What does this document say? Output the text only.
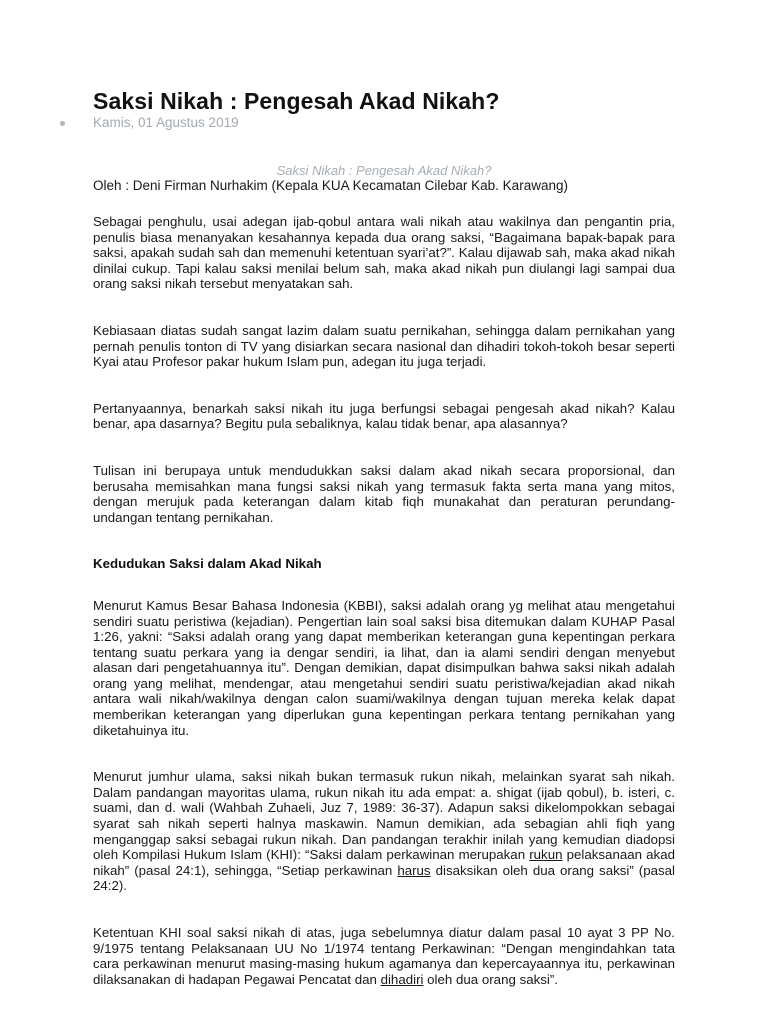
Saksi Nikah : Pengesah Akad Nikah?
Kamis, 01 Agustus 2019
Saksi Nikah : Pengesah Akad Nikah?
Oleh : Deni Firman Nurhakim (Kepala KUA Kecamatan Cilebar Kab. Karawang)

Sebagai penghulu, usai adegan ijab-qobul antara wali nikah atau wakilnya dan pengantin pria, penulis biasa menanyakan kesahannya kepada dua orang saksi, “Bagaimana bapak-bapak para saksi, apakah sudah sah dan memenuhi ketentuan syari’at?”. Kalau dijawab sah, maka akad nikah dinilai cukup. Tapi kalau saksi menilai belum sah, maka akad nikah pun diulangi lagi sampai dua orang saksi nikah tersebut menyatakan sah.

Kebiasaan diatas sudah sangat lazim dalam suatu pernikahan, sehingga dalam pernikahan yang pernah penulis tonton di TV yang disiarkan secara nasional dan dihadiri tokoh-tokoh besar seperti Kyai atau Profesor pakar hukum Islam pun, adegan itu juga terjadi.

Pertanyaannya, benarkah saksi nikah itu juga berfungsi sebagai pengesah akad nikah? Kalau benar, apa dasarnya? Begitu pula sebaliknya, kalau tidak benar, apa alasannya?

Tulisan ini berupaya untuk mendudukkan saksi dalam akad nikah secara proporsional, dan berusaha memisahkan mana fungsi saksi nikah yang termasuk fakta serta mana yang mitos, dengan merujuk pada keterangan dalam kitab fiqh munakahat dan peraturan perundang-undangan tentang pernikahan.

Kedudukan Saksi dalam Akad Nikah

Menurut Kamus Besar Bahasa Indonesia (KBBI), saksi adalah orang yg melihat atau mengetahui sendiri suatu peristiwa (kejadian). Pengertian lain soal saksi bisa ditemukan dalam KUHAP Pasal 1:26, yakni: “Saksi adalah orang yang dapat memberikan keterangan guna kepentingan perkara tentang suatu perkara yang ia dengar sendiri, ia lihat, dan ia alami sendiri dengan menyebut alasan dari pengetahuannya itu”. Dengan demikian, dapat disimpulkan bahwa saksi nikah adalah orang yang melihat, mendengar, atau mengetahui sendiri suatu peristiwa/kejadian akad nikah antara wali nikah/wakilnya dengan calon suami/wakilnya dengan tujuan mereka kelak dapat memberikan keterangan yang diperlukan guna kepentingan perkara tentang pernikahan yang diketahuinya itu.

Menurut jumhur ulama, saksi nikah bukan termasuk rukun nikah, melainkan syarat sah nikah. Dalam pandangan mayoritas ulama, rukun nikah itu ada empat: a. shigat (ijab qobul), b. isteri, c. suami, dan d. wali (Wahbah Zuhaeli, Juz 7, 1989: 36-37). Adapun saksi dikelompokkan sebagai syarat sah nikah seperti halnya maskawin. Namun demikian, ada sebagian ahli fiqh yang menganggap saksi sebagai rukun nikah. Dan pandangan terakhir inilah yang kemudian diadopsi oleh Kompilasi Hukum Islam (KHI): “Saksi dalam perkawinan merupakan rukun pelaksanaan akad nikah” (pasal 24:1), sehingga, “Setiap perkawinan harus disaksikan oleh dua orang saksi” (pasal 24:2).

Ketentuan KHI soal saksi nikah di atas, juga sebelumnya diatur dalam pasal 10 ayat 3 PP No. 9/1975 tentang Pelaksanaan UU No 1/1974 tentang Perkawinan: “Dengan mengindahkan tata cara perkawinan menurut masing-masing hukum agamanya dan kepercayaannya itu, perkawinan dilaksanakan di hadapan Pegawai Pencatat dan dihadiri oleh dua orang saksi”.
